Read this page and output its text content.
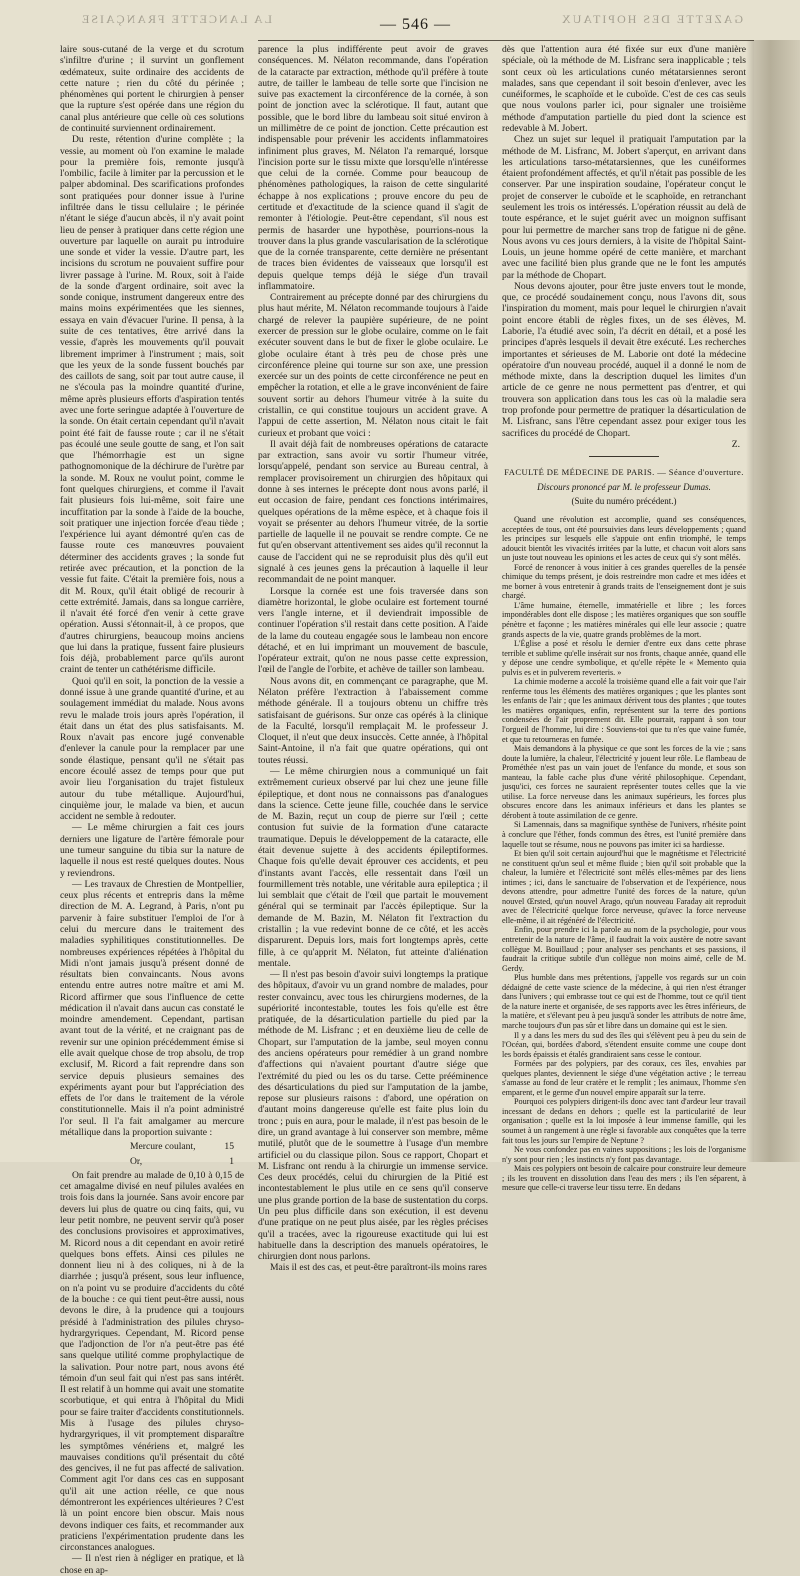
LA LANCETTE FRANÇAISE	— 546 —	GAZETTE DES HOPITAUX

laire sous-cutané de la verge et du scrotum s'infiltre d'urine ; il survint un gonflement œdémateux, suite ordinaire des accidents de cette nature ; rien du côté du périnée ; phénomènes qui portent le chirurgien à penser que la rupture s'est opérée dans une région du canal plus antérieure que celle où ces solutions de continuité surviennent ordinairement.

Du reste, rétention d'urine complète ; la vessie, au moment où l'on examine le malade pour la première fois, remonte jusqu'à l'ombilic, facile à limiter par la percussion et le palper abdominal. Des scarifications profondes sont pratiquées pour donner issue à l'urine infiltrée dans le tissu cellulaire ; le périnée n'étant le siége d'aucun abcès, il n'y avait point lieu de penser à pratiquer dans cette région une ouverture par laquelle on aurait pu introduire une sonde et vider la vessie. D'autre part, les incisions du scrotum ne pouvaient suffire pour livrer passage à l'urine. M. Roux, soit à l'aide de la sonde d'argent ordinaire, soit avec la sonde conique, instrument dangereux entre des mains moins expérimentées que les siennes, essaya en vain d'évacuer l'urine. Il pensa, à la suite de ces tentatives, être arrivé dans la vessie, d'après les mouvements qu'il pouvait librement imprimer à l'instrument ; mais, soit que les yeux de la sonde fussent bouchés par des caillots de sang, soit par tout autre cause, il ne s'écoula pas la moindre quantité d'urine, même après plusieurs efforts d'aspiration tentés avec une forte seringue adaptée à l'ouverture de la sonde. On était certain cependant qu'il n'avait point été fait de fausse route ; car il ne s'était pas écoulé une seule goutte de sang, et l'on sait que l'hémorrhagie est un signe pathognomonique de la déchirure de l'urètre par la sonde. M. Roux ne voulut point, comme le font quelques chirurgiens, et comme il l'avait fait plusieurs fois lui-même, soit faire une incuffitation par la sonde à l'aide de la bouche, soit pratiquer une injection forcée d'eau tiède ; l'expérience lui ayant démontré qu'en cas de fausse route ces manœuvres pouvaient déterminer des accidents graves ; la sonde fut retirée avec précaution, et la ponction de la vessie fut faite. C'était la première fois, nous a dit M. Roux, qu'il était obligé de recourir à cette extrémité. Jamais, dans sa longue carrière, il n'avait été forcé d'en venir à cette grave opération. Aussi s'étonnait-il, à ce propos, que d'autres chirurgiens, beaucoup moins anciens que lui dans la pratique, fussent faire plusieurs fois déjà, probablement parce qu'ils auront craint de tenter un cathétérisme difficile.

Quoi qu'il en soit, la ponction de la vessie a donné issue à une grande quantité d'urine, et au soulagement immédiat du malade. Nous avons revu le malade trois jours après l'opération, il était dans un état des plus satisfaisants. M. Roux n'avait pas encore jugé convenable d'enlever la canule pour la remplacer par une sonde élastique, pensant qu'il ne s'était pas encore écoulé assez de temps pour que put avoir lieu l'organisation du trajet fistuleux autour du tube métallique. Aujourd'hui, cinquième jour, le malade va bien, et aucun accident ne semble à redouter.

— Le même chirurgien a fait ces jours derniers une ligature de l'artère fémorale pour une tumeur sanguine du tibia sur la nature de laquelle il nous est resté quelques doutes. Nous y reviendrons.

— Les travaux de Chrestien de Montpellier, ceux plus récents et entrepris dans la même direction de M. A. Legrand, à Paris, n'ont pu parvenir à faire substituer l'emploi de l'or à celui du mercure dans le traitement des maladies syphilitiques constitutionnelles. De nombreuses expériences répétées à l'hôpital du Midi n'ont jamais jusqu'à présent donné de résultats bien convaincants. Nous avons entendu entre autres notre maître et ami M. Ricord affirmer que sous l'influence de cette médication il n'avait dans aucun cas constaté le moindre amendement. Cependant, partisan avant tout de la vérité, et ne craignant pas de revenir sur une opinion précédemment émise si elle avait quelque chose de trop absolu, de trop exclusif, M. Ricord a fait reprendre dans son service depuis plusieurs semaines des expériments ayant pour but l'appréciation des effets de l'or dans le traitement de la vérole constitutionnelle. Mais il n'a point administré l'or seul. Il l'a fait amalgamer au mercure métallique dans la proportion suivante :

Mercure coulant,	15
Or,	1

On fait prendre au malade de 0,10 à 0,15 de cet amagalme divisé en neuf pilules avalées en trois fois dans la journée. Sans avoir encore par devers lui plus de quatre ou cinq faits, qui, vu leur petit nombre, ne peuvent servir qu'à poser des conclusions provisoires et approximatives, M. Ricord nous a dit cependant en avoir retiré quelques bons effets. Ainsi ces pilules ne donnent lieu ni à des coliques, ni à de la diarrhée ; jusqu'à présent, sous leur influence, on n'a point vu se produire d'accidents du côté de la bouche : ce qui tient peut-être aussi, nous devons le dire, à la prudence qui a toujours présidé à l'administration des pilules chryso-hydrargyriques. Cependant, M. Ricord pense que l'adjonction de l'or n'a peut-être pas été sans quelque utilité comme prophylactique de la salivation. Pour notre part, nous avons été témoin d'un seul fait qui n'est pas sans intérêt. Il est relatif à un homme qui avait une stomatite scorbutique, et qui entra à l'hôpital du Midi pour se faire traiter d'accidents constitutionnels. Mis à l'usage des pilules chryso-hydrargyriques, il vit promptement disparaître les symptômes vénériens et, malgré les mauvaises conditions qu'il présentait du côté des gencives, il ne fut pas affecté de salivation. Comment agit l'or dans ces cas en supposant qu'il ait une action réelle, ce que nous démontreront les expériences ultérieures ? C'est là un point encore bien obscur. Mais nous devons indiquer ces faits, et recommander aux praticiens l'expérimentation prudente dans les circonstances analogues.

— Il n'est rien à négliger en pratique, et là chose en ap-

parence la plus indifférente peut avoir de graves conséquences. M. Nélaton recommande, dans l'opération de la cataracte par extraction, méthode qu'il préfère à toute autre, de tailler le lambeau de telle sorte que l'incision ne suive pas exactement la circonférence de la cornée, à son point de jonction avec la sclérotique. Il faut, autant que possible, que le bord libre du lambeau soit situé environ à un millimètre de ce point de jonction. Cette précaution est indispensable pour prévenir les accidents inflammatoires infiniment plus graves, M. Nélaton l'a remarqué, lorsque l'incision porte sur le tissu mixte que lorsqu'elle n'intéresse que celui de la cornée. Comme pour beaucoup de phénomènes pathologiques, la raison de cette singularité échappe à nos explications ; prouve encore du peu de certitude et d'exactitude de la science quand il s'agit de remonter à l'étiologie. Peut-être cependant, s'il nous est permis de hasarder une hypothèse, pourrions-nous la trouver dans la plus grande vascularisation de la sclérotique que de la cornée transparente, cette dernière ne présentant de traces bien évidentes de vaisseaux que lorsqu'il est depuis quelque temps déjà le siége d'un travail inflammatoire.

Contrairement au précepte donné par des chirurgiens du plus haut mérite, M. Nélaton recommande toujours à l'aide chargé de relever la paupière supérieure, de ne point exercer de pression sur le globe oculaire, comme on le fait exécuter souvent dans le but de fixer le globe oculaire. Le globe oculaire étant à très peu de chose près une circonférence pleine qui tourne sur son axe, une pression exercée sur un des points de cette circonférence ne peut en empêcher la rotation, et elle a le grave inconvénient de faire souvent sortir au dehors l'humeur vitrée à la suite du cristallin, ce qui constitue toujours un accident grave. A l'appui de cette assertion, M. Nélaton nous citait le fait curieux et probant que voici :

Il avait déjà fait de nombreuses opérations de cataracte par extraction, sans avoir vu sortir l'humeur vitrée, lorsqu'appelé, pendant son service au Bureau central, à remplacer provisoirement un chirurgien des hôpitaux qui donne à ses internes le précepte dont nous avons parlé, il eut occasion de faire, pendant ces fonctions intérimaires, quelques opérations de la même espèce, et à chaque fois il voyait se présenter au dehors l'humeur vitrée, de la sortie partielle de laquelle il ne pouvait se rendre compte. Ce ne fut qu'en observant attentivement ses aides qu'il reconnut la cause de l'accident qui ne se reproduisit plus dès qu'il eut signalé à ces jeunes gens la précaution à laquelle il leur recommandait de ne point manquer.

Lorsque la cornée est une fois traversée dans son diamètre horizontal, le globe oculaire est fortement tourné vers l'angle interne, et il deviendrait impossible de continuer l'opération s'il restait dans cette position. A l'aide de la lame du couteau engagée sous le lambeau non encore détaché, et en lui imprimant un mouvement de bascule, l'opérateur extrait, qu'on ne nous passe cette expression, l'œil de l'angle de l'orbite, et achève de tailler son lambeau.

Nous avons dit, en commençant ce paragraphe, que M. Nélaton préfère l'extraction à l'abaissement comme méthode générale. Il a toujours obtenu un chiffre très satisfaisant de guérisons. Sur onze cas opérés à la clinique de la Faculté, lorsqu'il remplaçait M. le professeur J. Cloquet, il n'eut que deux insuccès. Cette année, à l'hôpital Saint-Antoine, il n'a fait que quatre opérations, qui ont toutes réussi.

— Le même chirurgien nous a communiqué un fait extrêmement curieux observé par lui chez une jeune fille épileptique, et dont nous ne connaissons pas d'analogues dans la science. Cette jeune fille, couchée dans le service de M. Bazin, reçut un coup de pierre sur l'œil ; cette contusion fut suivie de la formation d'une cataracte traumatique. Depuis le développement de la cataracte, elle était devenue sujette à des accidents épileptiformes. Chaque fois qu'elle devait éprouver ces accidents, et peu d'instants avant l'accès, elle ressentait dans l'œil un fourmillement très notable, une véritable aura epileptica ; il lui semblait que c'était de l'œil que partait le mouvement général qui se terminait par l'accès épileptique. Sur la demande de M. Bazin, M. Nélaton fit l'extraction du cristallin ; la vue redevint bonne de ce côté, et les accès disparurent. Depuis lors, mais fort longtemps après, cette fille, à ce qu'apprit M. Nélaton, fut atteinte d'aliénation mentale.

— Il n'est pas besoin d'avoir suivi longtemps la pratique des hôpitaux, d'avoir vu un grand nombre de malades, pour rester convaincu, avec tous les chirurgiens modernes, de la supériorité incontestable, toutes les fois qu'elle est être pratiquée, de la désarticulation partielle du pied par la méthode de M. Lisfranc ; et en deuxième lieu de celle de Chopart, sur l'amputation de la jambe, seul moyen connu des anciens opérateurs pour remédier à un grand nombre d'affections qui n'avaient pourtant d'autre siége que l'extrémité du pied ou les os du tarse. Cette prééminence des désarticulations du pied sur l'amputation de la jambe, repose sur plusieurs raisons : d'abord, une opération on d'autant moins dangereuse qu'elle est faite plus loin du tronc ; puis en aura, pour le malade, il n'est pas besoin de le dire, un grand avantage à lui conserver son membre, même mutilé, plutôt que de le soumettre à l'usage d'un membre artificiel ou du classique pilon. Sous ce rapport, Chopart et M. Lisfranc ont rendu à la chirurgie un immense service. Ces deux procédés, celui du chirurgien de la Pitié est incontestablement le plus utile en ce sens qu'il conserve une plus grande portion de la base de sustentation du corps. Un peu plus difficile dans son exécution, il est devenu d'une pratique on ne peut plus aisée, par les règles précises qu'il a tracées, avec la rigoureuse exactitude qui lui est habituelle dans la description des manuels opératoires, le chirurgien dont nous parlons.

Mais il est des cas, et peut-être paraîtront-ils moins rares

dès que l'attention aura été fixée sur eux d'une manière spéciale, où la méthode de M. Lisfranc sera inapplicable ; tels sont ceux où les articulations cunéo métatarsiennes seront malades, sans que cependant il soit besoin d'enlever, avec les cunéiformes, le scaphoïde et le cuboïde. C'est de ces cas seuls que nous voulons parler ici, pour signaler une troisième méthode d'amputation partielle du pied dont la science est redevable à M. Jobert.

Chez un sujet sur lequel il pratiquait l'amputation par la méthode de M. Lisfranc, M. Jobert s'aperçut, en arrivant dans les articulations tarso-métatarsiennes, que les cunéiformes étaient profondément affectés, et qu'il n'était pas possible de les conserver. Par une inspiration soudaine, l'opérateur conçut le projet de conserver le cuboïde et le scaphoïde, en retranchant seulement les trois os intéressés. L'opération réussit au delà de toute espérance, et le sujet guérit avec un moignon suffisant pour lui permettre de marcher sans trop de fatigue ni de gêne. Nous avons vu ces jours derniers, à la visite de l'hôpital Saint-Louis, un jeune homme opéré de cette manière, et marchant avec une facilité bien plus grande que ne le font les amputés par la méthode de Chopart.

Nous devons ajouter, pour être juste envers tout le monde, que, ce procédé soudainement conçu, nous l'avons dit, sous l'inspiration du moment, mais pour lequel le chirurgien n'avait point encore établi de règles fixes, un de ses élèves, M. Laborie, l'a étudié avec soin, l'a décrit en détail, et a posé les principes d'après lesquels il devait être exécuté. Les recherches importantes et sérieuses de M. Laborie ont doté la médecine opératoire d'un nouveau procédé, auquel il a donné le nom de méthode mixte, dans la description duquel les limites d'un article de ce genre ne nous permettent pas d'entrer, et qui trouvera son application dans tous les cas où la maladie sera trop profonde pour permettre de pratiquer la désarticulation de M. Lisfranc, sans l'être cependant assez pour exiger tous les sacrifices du procédé de Chopart.

Z.
FACULTÉ DE MÉDECINE DE PARIS. — Séance d'ouverture.
Discours prononcé par M. le professeur Dumas.
(Suite du numéro précédent.)

Quand une révolution est accomplie, quand ses conséquences, acceptées de tous, ont été poursuivies dans leurs développements ; quand les principes sur lesquels elle s'appuie ont enfin triomphé, le temps adoucit bientôt les vivacités irritées par la lutte, et chacun voit alors sans un juste tout nouveau les opinions et les actes de ceux qui s'y sont mêlés.

Forcé de renoncer à vous initier à ces grandes querelles de la pensée chimique du temps présent, je dois restreindre mon cadre et mes idées et me borner à vous entretenir à grands traits de l'enseignement dont je suis chargé.

L'âme humaine, éternelle, immatérielle et libre ; les forces impondérables dont elle dispose ; les matières organiques que son souffle pénètre et façonne ; les matières minérales qui elle leur associe ; quatre grands aspects de la vie, quatre grands problèmes de la mort.

L'Église a posé et résolu le dernier d'entre eux dans cette phrase terrible et sublime qu'elle insérait sur nos fronts, chaque année, quand elle y dépose une cendre symbolique, et qu'elle répète le « Memento quia pulvis es et in pulverem reverteris. »

La chimie moderne a accolé la troisième quand elle a fait voir que l'air renferme tous les éléments des matières organiques ; que les plantes sont les enfants de l'air ; que les animaux dérivent tous des plantes ; que toutes les matières organiques, enfin, représentent sur la terre des portions condensées de l'air proprement dit. Elle pourrait, rappant à son tour l'orgueil de l'homme, lui dire : Souviens-toi que tu n'es que vaine fumée, et que tu retourneras en fumée.

Mais demandons à la physique ce que sont les forces de la vie ; sans doute la lumière, la chaleur, l'électricité y jouent leur rôle. Le flambeau de Prométhée n'est pas un vain jouet de l'enfance du monde, et sous son manteau, la fable cache plus d'une vérité philosophique. Cependant, jusqu'ici, ces forces ne sauraient représenter toutes celles que la vie utilise. La force nerveuse dans les animaux supérieurs, les forces plus obscures encore dans les animaux inférieurs et dans les plantes se dérobent à toute assimilation de ce genre.

Si Lamennais, dans sa magnifique synthèse de l'univers, n'hésite point à conclure que l'éther, fonds commun des êtres, est l'unité première dans laquelle tout se résume, nous ne pouvons pas imiter ici sa hardiesse.

Et bien qu'il soit certain aujourd'hui que le magnétisme et l'électricité ne constituent qu'un seul et même fluide ; bien qu'il soit probable que la chaleur, la lumière et l'électricité sont mêlés elles-mêmes par des liens intimes ; ici, dans le sanctuaire de l'observation et de l'expérience, nous devons attendre, pour admettre l'unité des forces de la nature, qu'un nouvel Œrsted, qu'un nouvel Arago, qu'un nouveau Faraday ait reproduit avec de l'électricité quelque force nerveuse, qu'avec la force nerveuse elle-même, il ait régénéré de l'électricité.

Enfin, pour prendre ici la parole au nom de la psychologie, pour vous entretenir de la nature de l'âme, il faudrait la voix austère de notre savant collègue M. Bouillaud ; pour analyser ses penchants et ses passions, il faudrait la critique subtile d'un collègue non moins aimé, celle de M. Gerdy.

Plus humble dans mes prétentions, j'appelle vos regards sur un coin dédaigné de cette vaste science de la médecine, à qui rien n'est étranger dans l'univers ; qui embrasse tout ce qui est de l'homme, tout ce qu'il tient de la nature inerte et organisée, de ses rapports avec les êtres inférieurs, de la matière, et s'élevant peu à peu jusqu'à sonder les attributs de notre âme, marche toujours d'un pas sûr et libre dans un domaine qui est le sien.

Il y a dans les mers du sud des îles qui s'élèvent peu à peu du sein de l'Océan, qui, bordées d'abord, s'étendent ensuite comme une coupe dont les bords épaissis et étalés grandiraient sans cesse le contour.

Formées par des polypiers, par des coraux, ces îles, envahies par quelques plantes, deviennent le siége d'une végétation active ; le terreau s'amasse au fond de leur cratère et le remplit ; les animaux, l'homme s'en emparent, et le germe d'un nouvel empire apparaît sur la terre.

Pourquoi ces polypiers dirigent-ils donc avec tant d'ardeur leur travail incessant de dedans en dehors ; quelle est la particularité de leur organisation ; quelle est la loi imposée à leur immense famille, qui les soumet à un rangement à une règle si favorable aux conquêtes que la terre fait tous les jours sur l'empire de Neptune ?

Ne vous confondez pas en vaines suppositions ; les lois de l'organisme n'y sont pour rien ; les instincts n'y font pas davantage.

Mais ces polypiers ont besoin de calcaire pour construire leur demeure ; ils les trouvent en dissolution dans l'eau des mers ; ils l'en séparent, à mesure que celle-ci traverse leur tissu terre. En dedans
